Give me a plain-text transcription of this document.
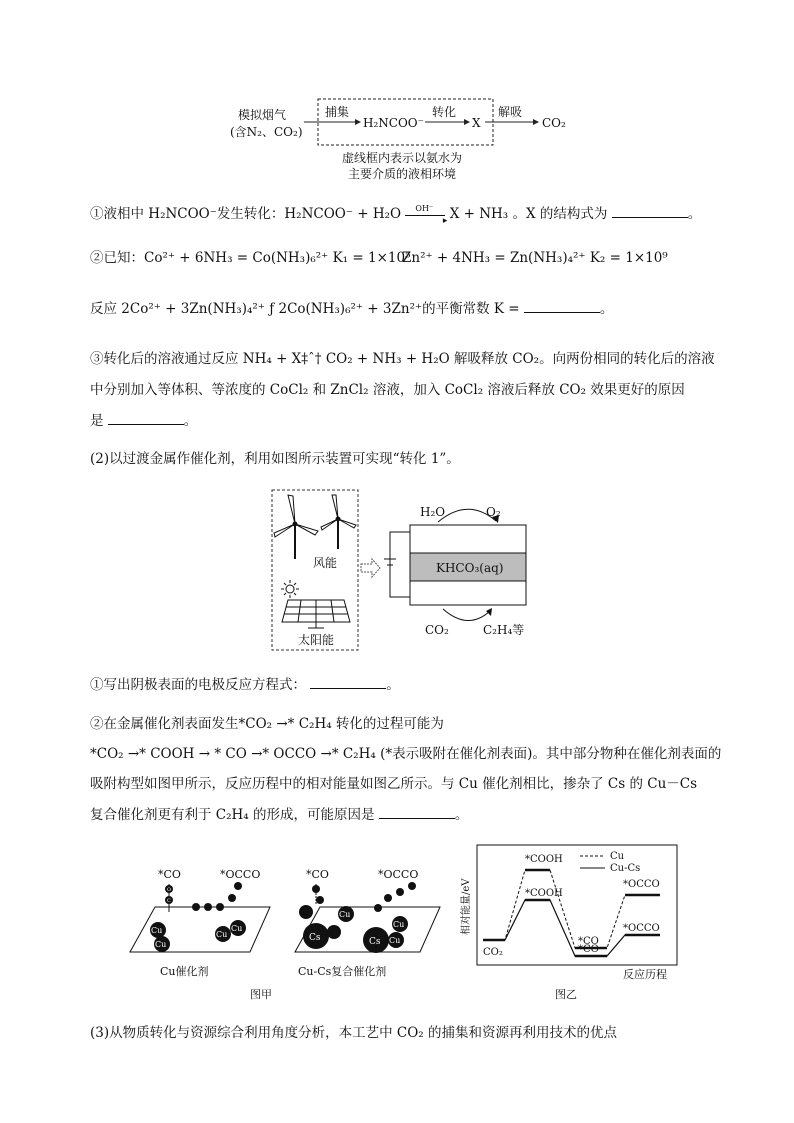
模拟烟气
(含N₂、CO₂)
捕集
H₂NCOO⁻
转化
X
解吸
CO₂
虚线框内表示以氨水为
主要介质的液相环境
①液相中 H₂NCOO⁻发生转化：H₂NCOO⁻ + H₂O OH⁻
▸ X + NH₃ 。X 的结构式为	。
②已知：Co²⁺ + 6NH₃ = Co(NH₃)₆²⁺ K₁ = 1×10⁵
Zn²⁺ + 4NH₃ = Zn(NH₃)₄²⁺ K₂ = 1×10⁹
反应 2Co²⁺ + 3Zn(NH₃)₄²⁺ ƒ 2Co(NH₃)₆²⁺ + 3Zn²⁺的平衡常数 K =	。
③转化后的溶液通过反应 NH₄ + X‡ˆ† CO₂ + NH₃ + H₂O 解吸释放 CO₂。向两份相同的转化后的溶液
中分别加入等体积、等浓度的 CoCl₂ 和 ZnCl₂ 溶液，加入 CoCl₂ 溶液后释放 CO₂ 效果更好的原因
是	。
(2)以过渡金属作催化剂，利用如图所示装置可实现“转化 1”。
风能
太阳能
KHCO₃(aq)
H₂O	O₂
CO₂	C₂H₄等
①写出阴极表面的电极反应方程式：	。
②在金属催化剂表面发生*CO₂ →* C₂H₄ 转化的过程可能为
*CO₂ →* COOH → * CO →* OCCO →* C₂H₄ (*表示吸附在催化剂表面)。其中部分物种在催化剂表面的
吸附构型如图甲所示，反应历程中的相对能量如图乙所示。与 Cu 催化剂相比，掺杂了 Cs 的 Cu－Cs
复合催化剂更有利于 C₂H₄ 的形成，可能原因是	。
*CO	*OCCO
O
C
Cu
Cu
Cu
Cu
Cu催化剂
*CO	*OCCO
Cs
Cu
Cs
Cu
Cu
Cu-Cs复合催化剂
图甲
相对能量/eV
CO₂
*COOH
*COOH
*CO
*CO
*OCCO
*OCCO
Cu
Cu-Cs
反应历程
图乙
(3)从物质转化与资源综合利用角度分析，本工艺中 CO₂ 的捕集和资源再利用技术的优点
